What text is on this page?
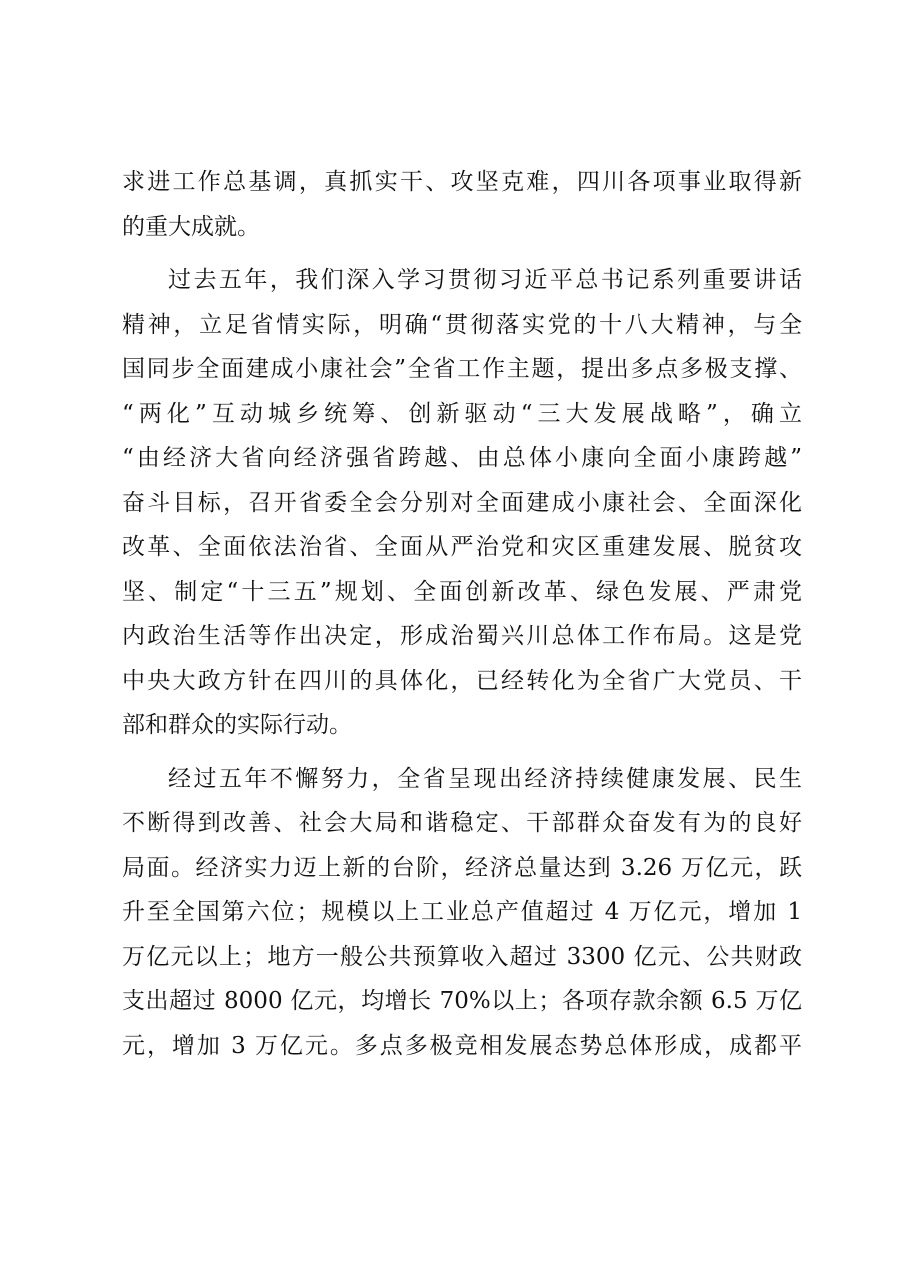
求进工作总基调，真抓实干、攻坚克难，四川各项事业取得新
的重大成就。
过去五年，我们深入学习贯彻习近平总书记系列重要讲话
精神，立足省情实际，明确“贯彻落实党的十八大精神，与全
国同步全面建成小康社会”全省工作主题，提出多点多极支撑、
“两化”互动城乡统筹、创新驱动“三大发展战略”，确立
“由经济大省向经济强省跨越、由总体小康向全面小康跨越”
奋斗目标，召开省委全会分别对全面建成小康社会、全面深化
改革、全面依法治省、全面从严治党和灾区重建发展、脱贫攻
坚、制定“十三五”规划、全面创新改革、绿色发展、严肃党
内政治生活等作出决定，形成治蜀兴川总体工作布局。这是党
中央大政方针在四川的具体化，已经转化为全省广大党员、干
部和群众的实际行动。
经过五年不懈努力，全省呈现出经济持续健康发展、民生
不断得到改善、社会大局和谐稳定、干部群众奋发有为的良好
局面。经济实力迈上新的台阶，经济总量达到 3.26 万亿元，跃
升至全国第六位；规模以上工业总产值超过 4 万亿元，增加 1
万亿元以上；地方一般公共预算收入超过 3300 亿元、公共财政
支出超过 8000 亿元，均增长 70%以上；各项存款余额 6.5 万亿
元，增加 3 万亿元。多点多极竞相发展态势总体形成，成都平
